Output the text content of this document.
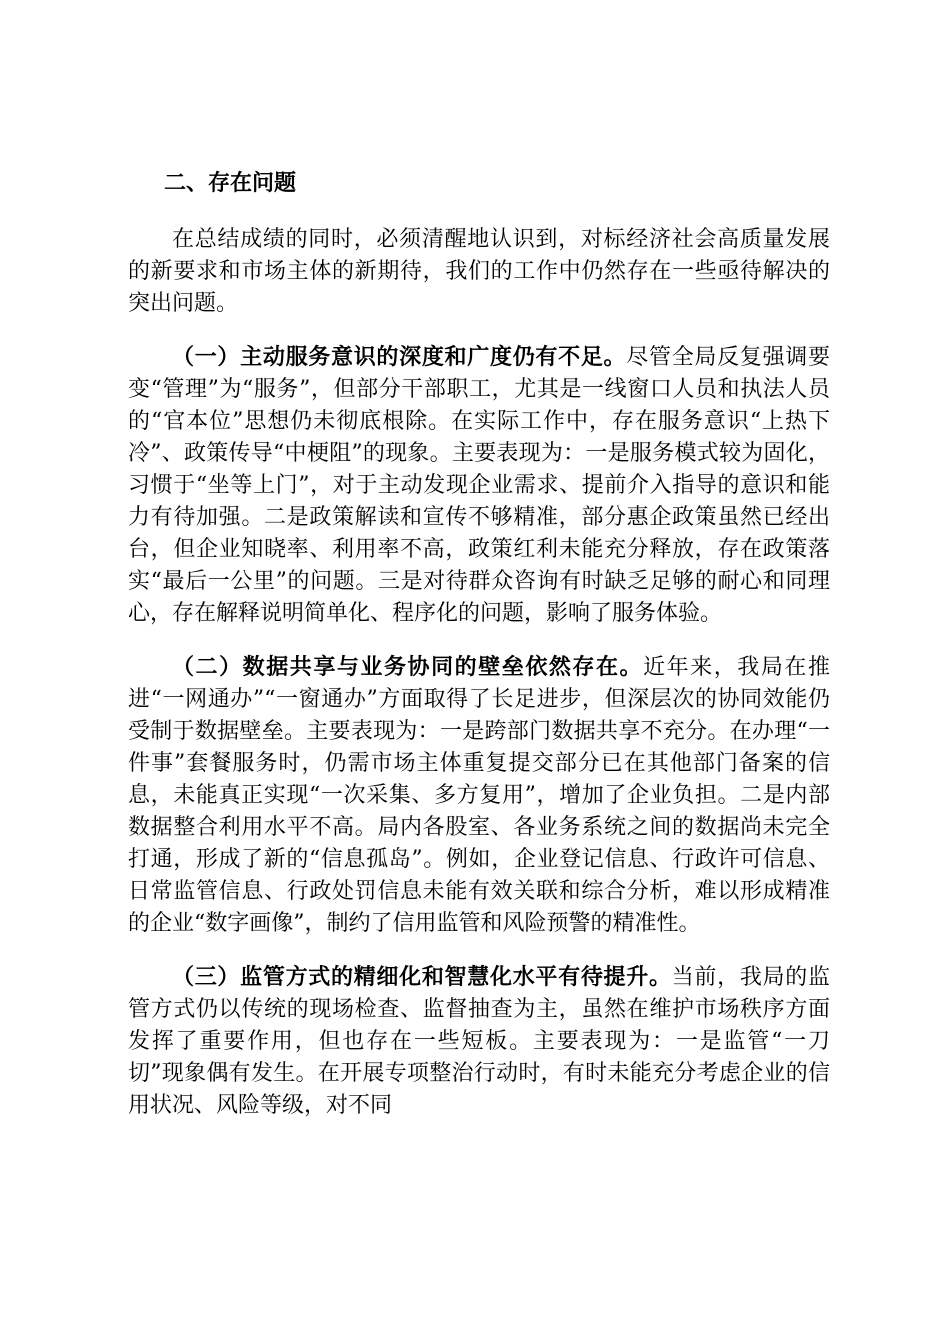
二、存在问题

在总结成绩的同时，必须清醒地认识到，对标经济社会高质量发展的新要求和市场主体的新期待，我们的工作中仍然存在一些亟待解决的突出问题。

（一）主动服务意识的深度和广度仍有不足。尽管全局反复强调要变“管理”为“服务”，但部分干部职工，尤其是一线窗口人员和执法人员的“官本位”思想仍未彻底根除。在实际工作中，存在服务意识“上热下冷”、政策传导“中梗阻”的现象。主要表现为：一是服务模式较为固化，习惯于“坐等上门”，对于主动发现企业需求、提前介入指导的意识和能力有待加强。二是政策解读和宣传不够精准，部分惠企政策虽然已经出台，但企业知晓率、利用率不高，政策红利未能充分释放，存在政策落实“最后一公里”的问题。三是对待群众咨询有时缺乏足够的耐心和同理心，存在解释说明简单化、程序化的问题，影响了服务体验。

（二）数据共享与业务协同的壁垒依然存在。近年来，我局在推进“一网通办”“一窗通办”方面取得了长足进步，但深层次的协同效能仍受制于数据壁垒。主要表现为：一是跨部门数据共享不充分。在办理“一件事”套餐服务时，仍需市场主体重复提交部分已在其他部门备案的信息，未能真正实现“一次采集、多方复用”，增加了企业负担。二是内部数据整合利用水平不高。局内各股室、各业务系统之间的数据尚未完全打通，形成了新的“信息孤岛”。例如，企业登记信息、行政许可信息、日常监管信息、行政处罚信息未能有效关联和综合分析，难以形成精准的企业“数字画像”，制约了信用监管和风险预警的精准性。

（三）监管方式的精细化和智慧化水平有待提升。当前，我局的监管方式仍以传统的现场检查、监督抽查为主，虽然在维护市场秩序方面发挥了重要作用，但也存在一些短板。主要表现为：一是监管“一刀切”现象偶有发生。在开展专项整治行动时，有时未能充分考虑企业的信用状况、风险等级，对不同
